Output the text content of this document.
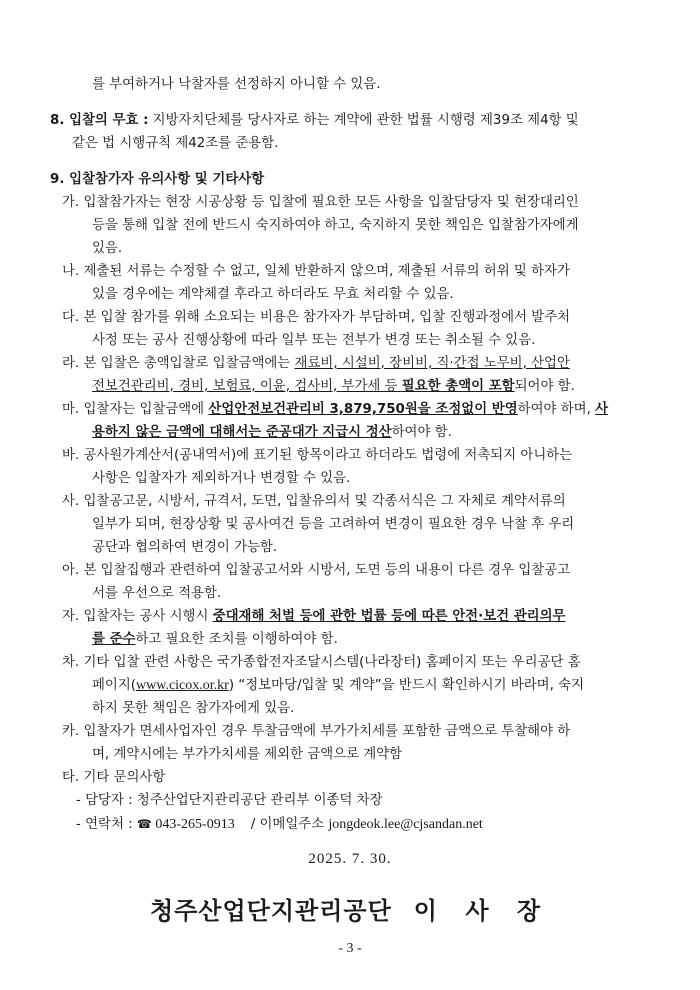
를 부여하거나 낙찰자를 선정하지 아니할 수 있음.
8. 입찰의 무효 : 지방자치단체를 당사자로 하는 계약에 관한 법률 시행령 제39조 제4항 및
같은 법 시행규칙 제42조를 준용함.
9. 입찰참가자 유의사항 및 기타사항
가. 입찰참가자는 현장 시공상황 등 입찰에 필요한 모든 사항을 입찰담당자 및 현장대리인
등을 통해 입찰 전에 반드시 숙지하여야 하고, 숙지하지 못한 책임은 입찰참가자에게
있음.
나. 제출된 서류는 수정할 수 없고, 일체 반환하지 않으며, 제출된 서류의 허위 및 하자가
있을 경우에는 계약체결 후라고 하더라도 무효 처리할 수 있음.
다. 본 입찰 참가를 위해 소요되는 비용은 참가자가 부담하며, 입찰 진행과정에서 발주처
사정 또는 공사 진행상황에 따라 일부 또는 전부가 변경 또는 취소될 수 있음.
라. 본 입찰은 총액입찰로 입찰금액에는 재료비, 시설비, 장비비, 직·간접 노무비, 산업안
전보건관리비, 경비, 보험료, 이윤, 검사비, 부가세 등 필요한 총액이 포함되어야 함.
마. 입찰자는 입찰금액에 산업안전보건관리비 3,879,750원을 조정없이 반영하여야 하며, 사
용하지 않은 금액에 대해서는 준공대가 지급시 정산하여야 함.
바. 공사원가계산서(공내역서)에 표기된 항목이라고 하더라도 법령에 저촉되지 아니하는
사항은 입찰자가 제외하거나 변경할 수 있음.
사. 입찰공고문, 시방서, 규격서, 도면, 입찰유의서 및 각종서식은 그 자체로 계약서류의
일부가 되며, 현장상황 및 공사여건 등을 고려하여 변경이 필요한 경우 낙찰 후 우리
공단과 협의하여 변경이 가능함.
아. 본 입찰집행과 관련하여 입찰공고서와 시방서, 도면 등의 내용이 다른 경우 입찰공고
서를 우선으로 적용함.
자. 입찰자는 공사 시행시 중대재해 처벌 등에 관한 법률 등에 따른 안전·보건 관리의무
를 준수하고 필요한 조치를 이행하여야 함.
차. 기타 입찰 관련 사항은 국가종합전자조달시스템(나라장터) 홈페이지 또는 우리공단 홈
페이지(www.cicox.or.kr) “정보마당/입찰 및 계약”을 반드시 확인하시기 바라며, 숙지
하지 못한 책임은 참가자에게 있음.
카. 입찰자가 면세사업자인 경우 투찰금액에 부가가치세를 포함한 금액으로 투찰해야 하
며, 계약시에는 부가가치세를 제외한 금액으로 계약함
타. 기타 문의사항
- 담당자 : 청주산업단지관리공단 관리부 이종덕 차장
- 연락처 : ☎ 043-265-0913 / 이메일주소 jongdeok.lee@cjsandan.net
2025. 7. 30.
청주산업단지관리공단 이 사 장
- 3 -
